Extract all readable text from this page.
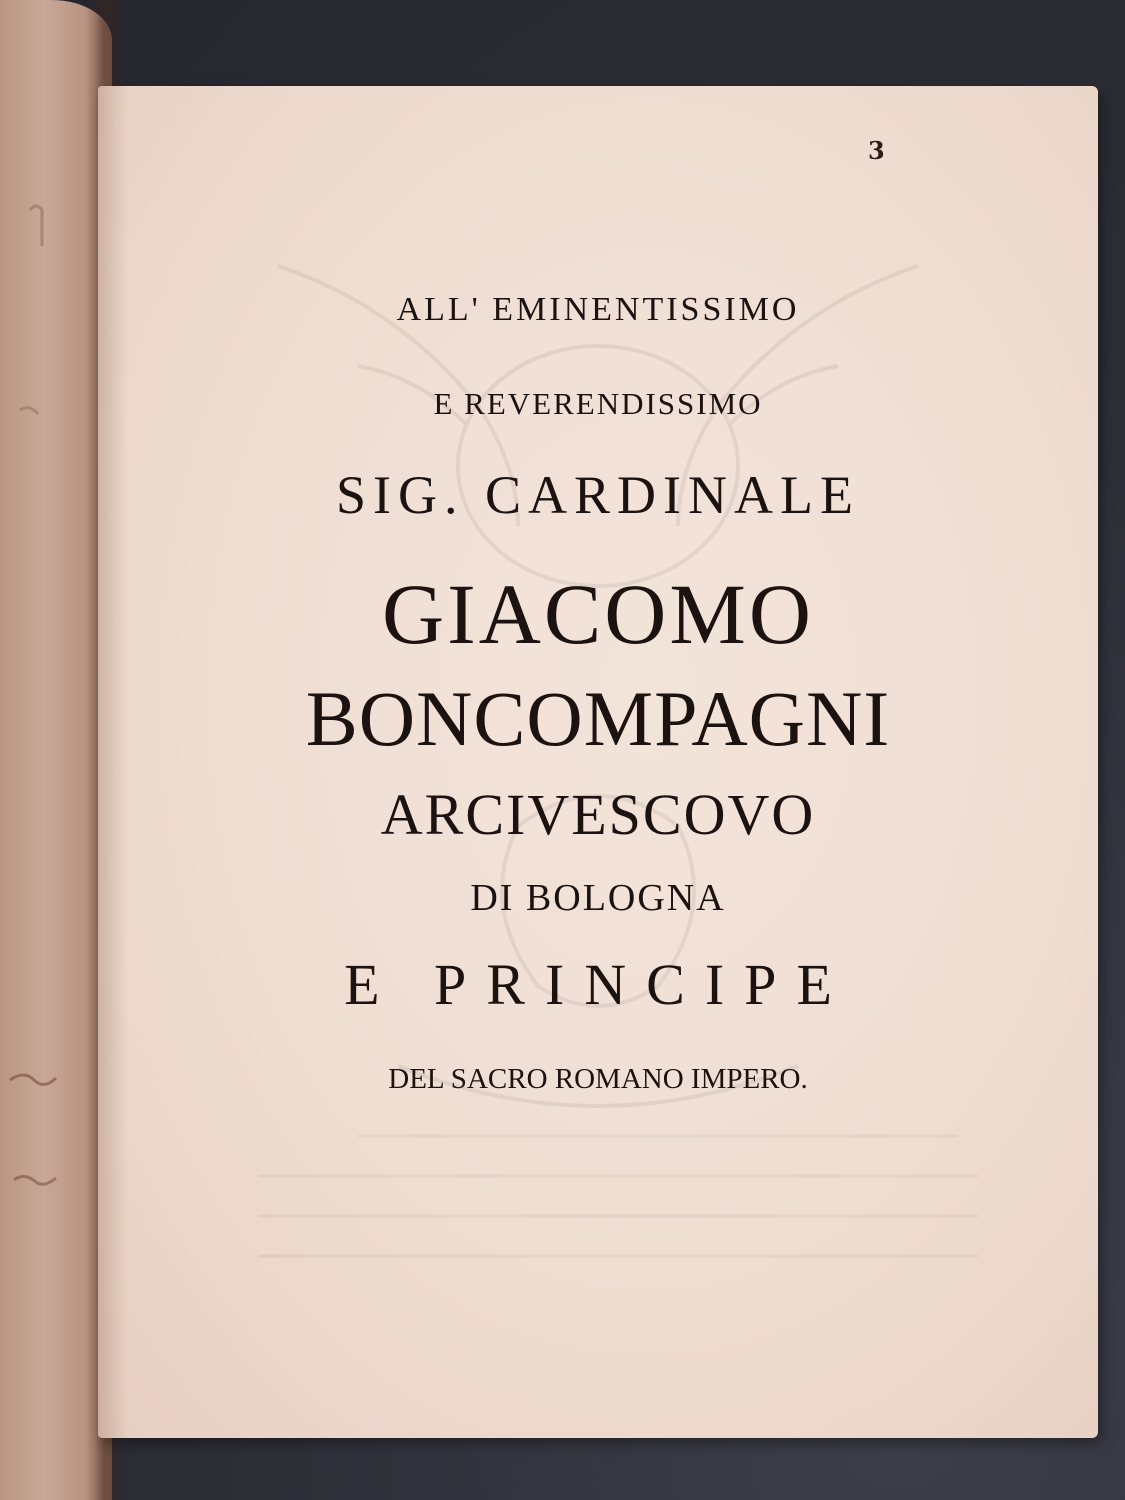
3
ALL' EMINENTISSIMO
E REVERENDISSIMO
SIG. CARDINALE
GIACOMO
BONCOMPAGNI
ARCIVESCOVO
DI BOLOGNA
E PRINCIPE
DEL SACRO ROMANO IMPERO.
